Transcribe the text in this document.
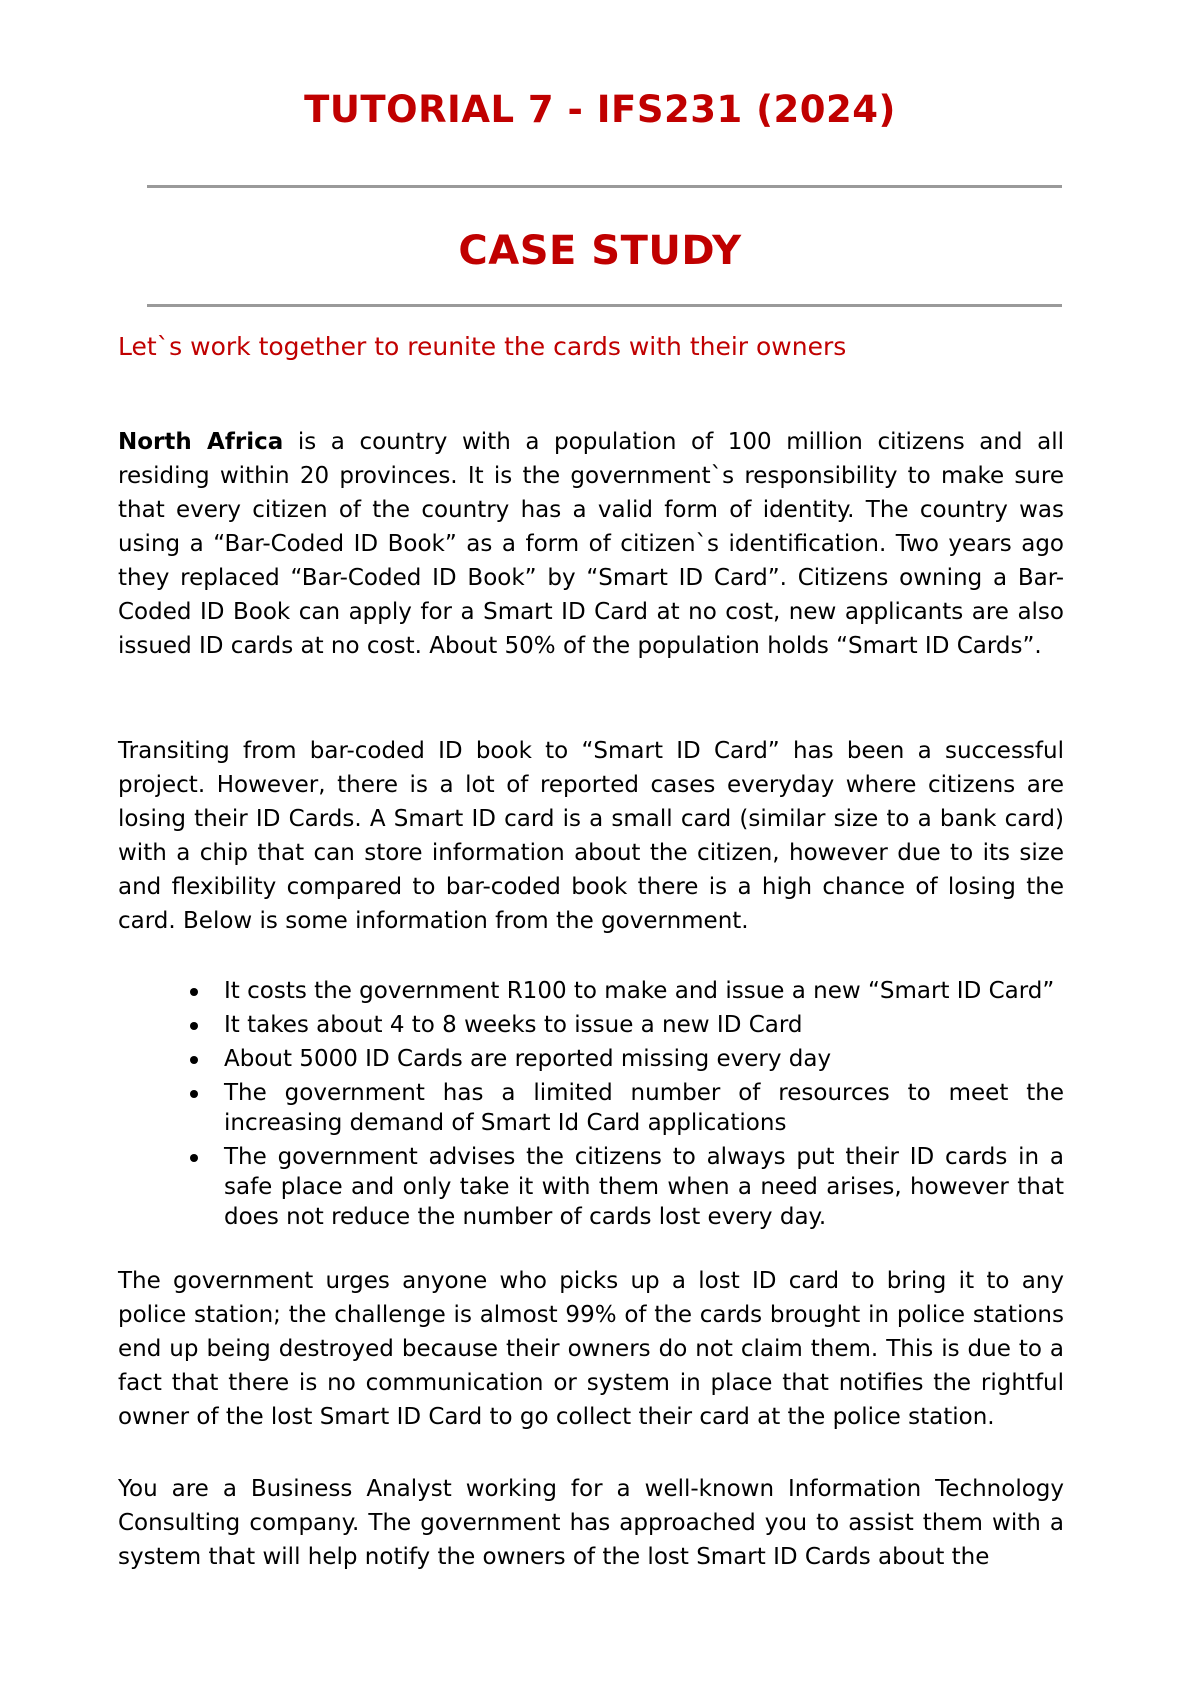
TUTORIAL 7 - IFS231 (2024)
CASE STUDY

Let`s work together to reunite the cards with their owners

North Africa is a country with a population of 100 million citizens and all residing within 20 provinces. It is the government`s responsibility to make sure that every citizen of the country has a valid form of identity. The country was using a “Bar-Coded ID Book” as a form of citizen`s identification. Two years ago they replaced “Bar-Coded ID Book” by “Smart ID Card”. Citizens owning a Bar-Coded ID Book can apply for a Smart ID Card at no cost, new applicants are also issued ID cards at no cost. About 50% of the population holds “Smart ID Cards”.

Transiting from bar-coded ID book to “Smart ID Card” has been a successful project. However, there is a lot of reported cases everyday where citizens are losing their ID Cards. A Smart ID card is a small card (similar size to a bank card) with a chip that can store information about the citizen, however due to its size and flexibility compared to bar-coded book there is a high chance of losing the card. Below is some information from the government.

It costs the government R100 to make and issue a new “Smart ID Card”
It takes about 4 to 8 weeks to issue a new ID Card
About 5000 ID Cards are reported missing every day
The government has a limited number of resources to meet the increasing demand of Smart Id Card applications
The government advises the citizens to always put their ID cards in a safe place and only take it with them when a need arises, however that does not reduce the number of cards lost every day.

The government urges anyone who picks up a lost ID card to bring it to any police station; the challenge is almost 99% of the cards brought in police stations end up being destroyed because their owners do not claim them. This is due to a fact that there is no communication or system in place that notifies the rightful owner of the lost Smart ID Card to go collect their card at the police station.

You are a Business Analyst working for a well-known Information Technology Consulting company. The government has approached you to assist them with a system that will help notify the owners of the lost Smart ID Cards about the
